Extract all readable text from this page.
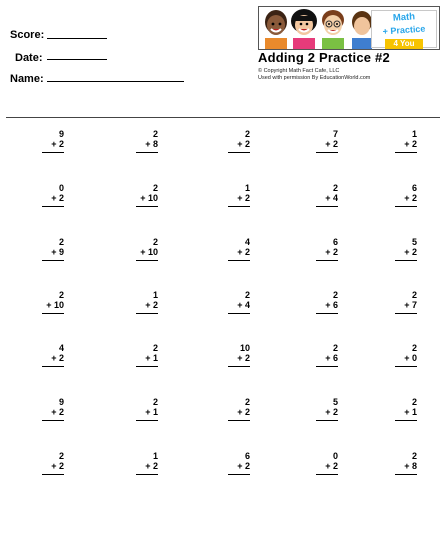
Score:
Date:
Name:
Math
+ Practice
4 You
Adding 2 Practice #2
© Copyright Math Fact Cafe, LLC
Used with permission By EducationWorld.com
9
+ 2
2
+ 8
2
+ 2
7
+ 2
1
+ 2
0
+ 2
2
+ 10
1
+ 2
2
+ 4
6
+ 2
2
+ 9
2
+ 10
4
+ 2
6
+ 2
5
+ 2
2
+ 10
1
+ 2
2
+ 4
2
+ 6
2
+ 7
4
+ 2
2
+ 1
10
+ 2
2
+ 6
2
+ 0
9
+ 2
2
+ 1
2
+ 2
5
+ 2
2
+ 1
2
+ 2
1
+ 2
6
+ 2
0
+ 2
2
+ 8
